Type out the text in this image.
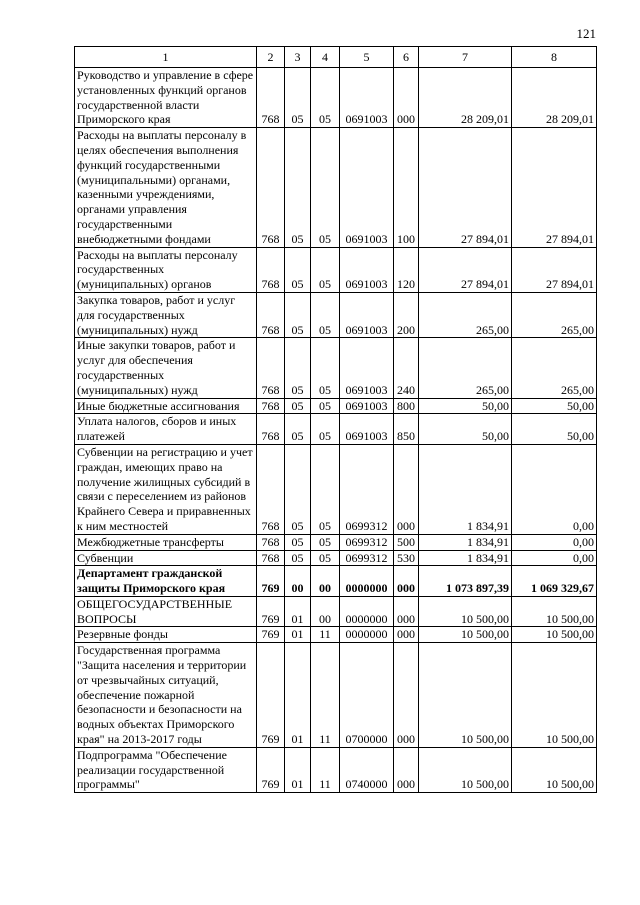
121
1	2	3	4	5	6	7	8
Руководство и управление в сфере установленных функций органов государственной власти Приморского края	768	05	05	0691003	000	28 209,01	28 209,01
Расходы на выплаты персоналу в целях обеспечения выполнения функций государственными (муниципальными) органами, казенными учреждениями, органами управления государственными внебюджетными фондами	768	05	05	0691003	100	27 894,01	27 894,01
Расходы на выплаты персоналу государственных (муниципальных) органов	768	05	05	0691003	120	27 894,01	27 894,01
Закупка товаров, работ и услуг для государственных (муниципальных) нужд	768	05	05	0691003	200	265,00	265,00
Иные закупки товаров, работ и услуг для обеспечения государственных (муниципальных) нужд	768	05	05	0691003	240	265,00	265,00
Иные бюджетные ассигнования	768	05	05	0691003	800	50,00	50,00
Уплата налогов, сборов и иных платежей	768	05	05	0691003	850	50,00	50,00
Субвенции на регистрацию и учет граждан, имеющих право на получение жилищных субсидий в связи с переселением из районов Крайнего Севера и приравненных к ним местностей	768	05	05	0699312	000	1 834,91	0,00
Межбюджетные трансферты	768	05	05	0699312	500	1 834,91	0,00
Субвенции	768	05	05	0699312	530	1 834,91	0,00
Департамент гражданской защиты Приморского края	769	00	00	0000000	000	1 073 897,39	1 069 329,67
ОБЩЕГОСУДАРСТВЕННЫЕ ВОПРОСЫ	769	01	00	0000000	000	10 500,00	10 500,00
Резервные фонды	769	01	11	0000000	000	10 500,00	10 500,00
Государственная программа "Защита населения и территории от чрезвычайных ситуаций, обеспечение пожарной безопасности и безопасности на водных объектах Приморского края" на 2013-2017 годы	769	01	11	0700000	000	10 500,00	10 500,00
Подпрограмма "Обеспечение реализации государственной программы"	769	01	11	0740000	000	10 500,00	10 500,00
